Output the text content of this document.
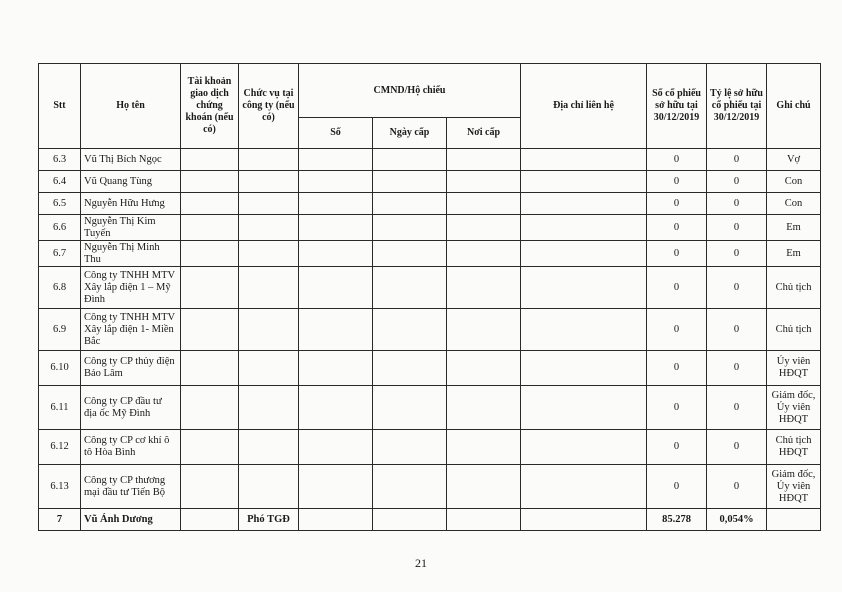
Stt	Họ tên	Tài khoản giao dịch chứng khoán (nếu có)	Chức vụ tại công ty (nếu có)	CMND/Hộ chiếu			Địa chỉ liên hệ	Số cổ phiếu sở hữu tại 30/12/2019	Tỷ lệ sở hữu cổ phiếu tại 30/12/2019	Ghi chú
				Số	Ngày cấp	Nơi cấp				
6.3	Vũ Thị Bích Ngọc							0	0	Vợ
6.4	Vũ Quang Tùng							0	0	Con
6.5	Nguyễn Hữu Hưng							0	0	Con
6.6	Nguyễn Thị Kim Tuyến							0	0	Em
6.7	Nguyễn Thị Minh Thu							0	0	Em
6.8	Công ty TNHH MTV Xây lắp điện 1 – Mỹ Đình							0	0	Chủ tịch
6.9	Công ty TNHH MTV Xây lắp điện 1- Miền Bắc							0	0	Chủ tịch
6.10	Công ty CP thủy điện Bảo Lâm							0	0	Ủy viên HĐQT
6.11	Công ty CP đầu tư địa ốc Mỹ Đình							0	0	Giám đốc, Ủy viên HĐQT
6.12	Công ty CP cơ khí ô tô Hòa Bình							0	0	Chủ tịch HĐQT
6.13	Công ty CP thương mại đầu tư Tiến Bộ							0	0	Giám đốc, Ủy viên HĐQT
7	Vũ Ánh Dương		Phó TGĐ					85.278	0,054%	
21
